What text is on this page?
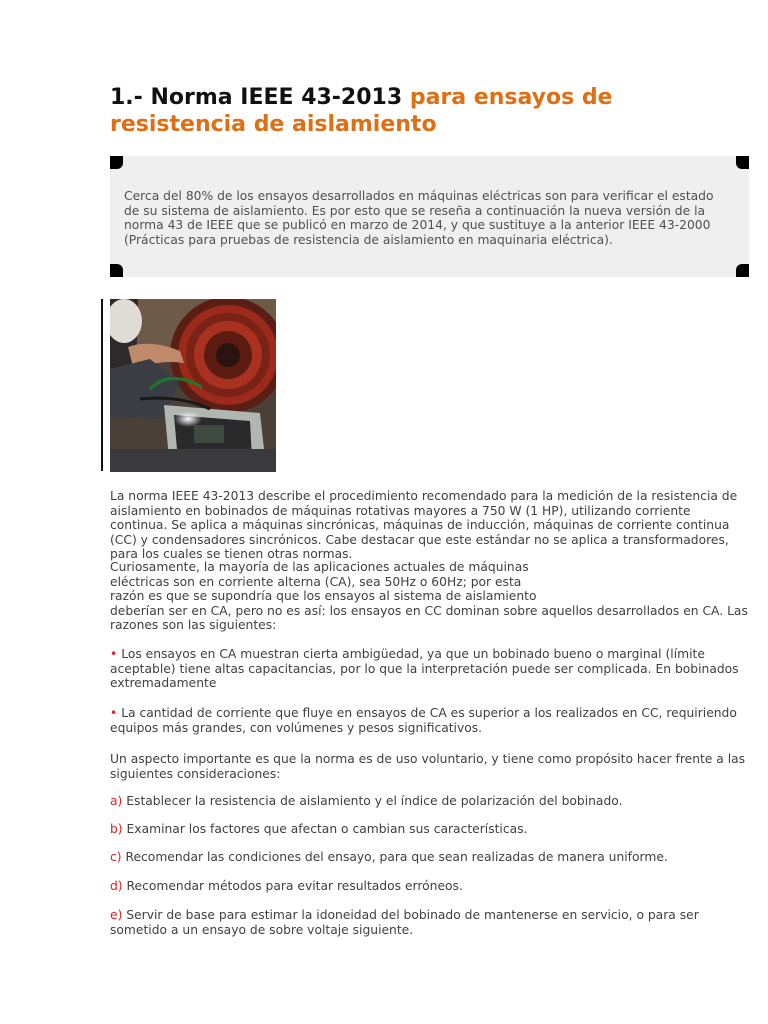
1.- Norma IEEE 43-2013 para ensayos de resistencia de aislamiento

Cerca del 80% de los ensayos desarrollados en máquinas eléctricas son para verificar el estado de su sistema de aislamiento. Es por esto que se reseña a continuación la nueva versión de la norma 43 de IEEE que se publicó en marzo de 2014, y que sustituye a la anterior IEEE 43-2000 (Prácticas para pruebas de resistencia de aislamiento en maquinaria eléctrica).

La norma IEEE 43-2013 describe el procedimiento recomendado para la medición de la resistencia de aislamiento en bobinados de máquinas rotativas mayores a 750 W (1 HP), utilizando corriente continua. Se aplica a máquinas sincrónicas, máquinas de inducción, máquinas de corriente continua (CC) y condensadores sincrónicos. Cabe destacar que este estándar no se aplica a transformadores, para los cuales se tienen otras normas.

Curiosamente, la mayoría de las aplicaciones actuales de máquinas
eléctricas son en corriente alterna (CA), sea 50Hz o 60Hz; por esta
razón es que se supondría que los ensayos al sistema de aislamiento
deberían ser en CA, pero no es así: los ensayos en CC dominan sobre aquellos desarrollados en CA. Las razones son las siguientes:

• Los ensayos en CA muestran cierta ambigüedad, ya que un bobinado bueno o marginal (límite aceptable) tiene altas capacitancias, por lo que la interpretación puede ser complicada. En bobinados extremadamente

• La cantidad de corriente que fluye en ensayos de CA es superior a los realizados en CC, requiriendo equipos más grandes, con volúmenes y pesos significativos.

Un aspecto importante es que la norma es de uso voluntario, y tiene como propósito hacer frente a las siguientes consideraciones:

a) Establecer la resistencia de aislamiento y el índice de polarización del bobinado.

b) Examinar los factores que afectan o cambian sus características.

c) Recomendar las condiciones del ensayo, para que sean realizadas de manera uniforme.

d) Recomendar métodos para evitar resultados erróneos.

e) Servir de base para estimar la idoneidad del bobinado de mantenerse en servicio, o para ser sometido a un ensayo de sobre voltaje siguiente.
